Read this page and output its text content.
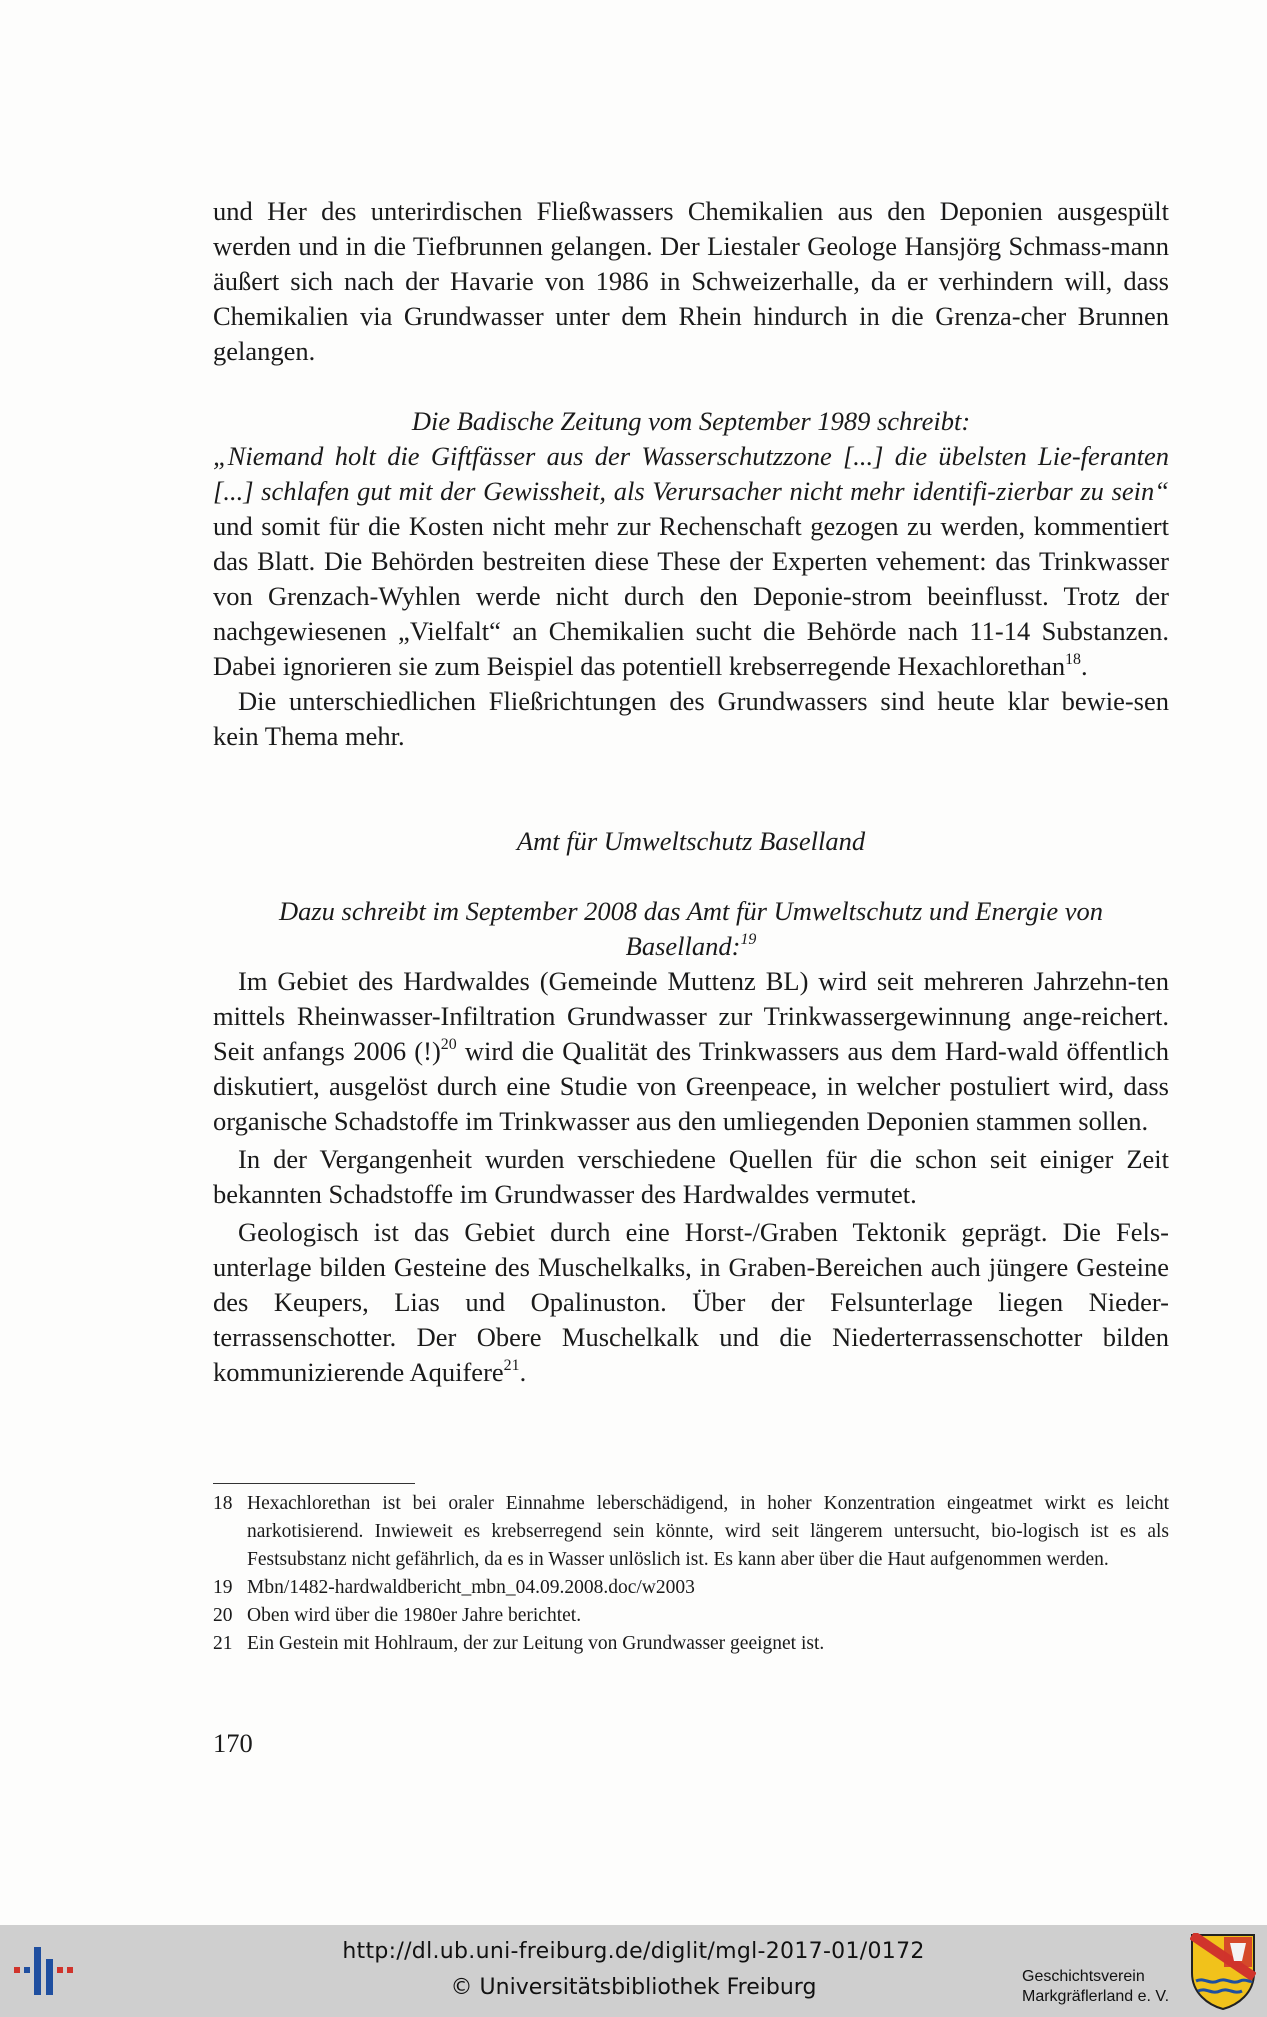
und Her des unterirdischen Fließwassers Chemikalien aus den Deponien ausgespült werden und in die Tiefbrunnen gelangen. Der Liestaler Geologe Hansjörg Schmass-mann äußert sich nach der Havarie von 1986 in Schweizerhalle, da er verhindern will, dass Chemikalien via Grundwasser unter dem Rhein hindurch in die Grenza-cher Brunnen gelangen.

Die Badische Zeitung vom September 1989 schreibt:

„Niemand holt die Giftfässer aus der Wasserschutzzone [...] die übelsten Lie-feranten [...] schlafen gut mit der Gewissheit, als Verursacher nicht mehr identifi-zierbar zu sein“ und somit für die Kosten nicht mehr zur Rechenschaft gezogen zu werden, kommentiert das Blatt. Die Behörden bestreiten diese These der Experten vehement: das Trinkwasser von Grenzach-Wyhlen werde nicht durch den Deponie-strom beeinflusst. Trotz der nachgewiesenen „Vielfalt“ an Chemikalien sucht die Behörde nach 11-14 Substanzen. Dabei ignorieren sie zum Beispiel das potentiell krebserregende Hexachlorethan$^{18}$.

Die unterschiedlichen Fließrichtungen des Grundwassers sind heute klar bewie-sen kein Thema mehr.

Amt für Umweltschutz Baselland

Dazu schreibt im September 2008 das Amt für Umweltschutz und Energie von Baselland:$^{19}$

Im Gebiet des Hardwaldes (Gemeinde Muttenz BL) wird seit mehreren Jahrzehn-ten mittels Rheinwasser-Infiltration Grundwasser zur Trinkwassergewinnung ange-reichert. Seit anfangs 2006 (!)$^{20}$ wird die Qualität des Trinkwassers aus dem Hard-wald öffentlich diskutiert, ausgelöst durch eine Studie von Greenpeace, in welcher postuliert wird, dass organische Schadstoffe im Trinkwasser aus den umliegenden Deponien stammen sollen.

In der Vergangenheit wurden verschiedene Quellen für die schon seit einiger Zeit bekannten Schadstoffe im Grundwasser des Hardwaldes vermutet.

Geologisch ist das Gebiet durch eine Horst-/Graben Tektonik geprägt. Die Fels-unterlage bilden Gesteine des Muschelkalks, in Graben-Bereichen auch jüngere Gesteine des Keupers, Lias und Opalinuston. Über der Felsunterlage liegen Nieder-terrassenschotter. Der Obere Muschelkalk und die Niederterrassenschotter bilden kommunizierende Aquifere$^{21}$.

18 Hexachlorethan ist bei oraler Einnahme leberschädigend, in hoher Konzentration eingeatmet wirkt es leicht narkotisierend. Inwieweit es krebserregend sein könnte, wird seit längerem untersucht, bio-logisch ist es als Festsubstanz nicht gefährlich, da es in Wasser unlöslich ist. Es kann aber über die Haut aufgenommen werden.
19 Mbn/1482-hardwaldbericht_mbn_04.09.2008.doc/w2003
20 Oben wird über die 1980er Jahre berichtet.
21 Ein Gestein mit Hohlraum, der zur Leitung von Grundwasser geeignet ist.
170
http://dl.ub.uni-freiburg.de/diglit/mgl-2017-01/0172
© Universitätsbibliothek Freiburg	Geschichtsverein
Markgräflerland e. V.
